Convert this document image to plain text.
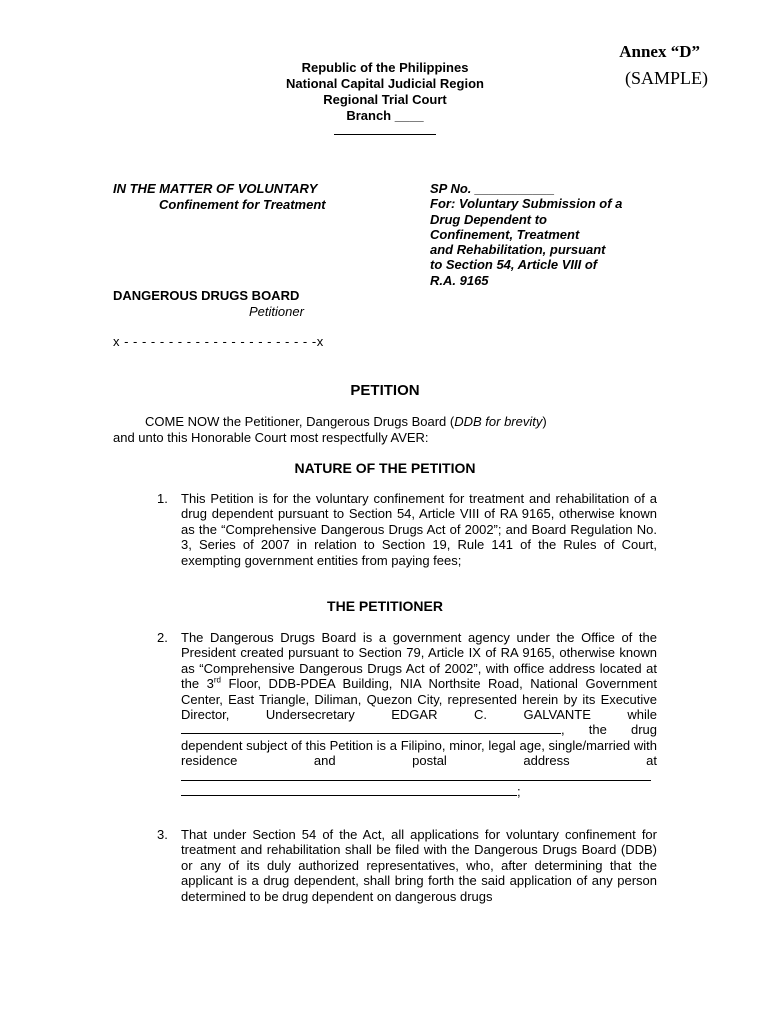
Annex “D”
(SAMPLE)
Republic of the Philippines
National Capital Judicial Region
Regional Trial Court
Branch ____
IN THE MATTER OF VOLUNTARY
Confinement for Treatment
SP No. ___________
For: Voluntary Submission of a
Drug Dependent to
Confinement, Treatment
and Rehabilitation, pursuant
to Section 54, Article VIII of
R.A. 9165
DANGEROUS DRUGS BOARD
Petitioner
x - - - - - - - - - - - - - - - - - - - - - -x
PETITION
COME NOW the Petitioner, Dangerous Drugs Board (DDB for brevity)
and unto this Honorable Court most respectfully AVER:
NATURE OF THE PETITION
1. This Petition is for the voluntary confinement for treatment and rehabilitation of a drug dependent pursuant to Section 54, Article VIII of RA 9165, otherwise known as the “Comprehensive Dangerous Drugs Act of 2002”; and Board Regulation No. 3, Series of 2007 in relation to Section 19, Rule 141 of the Rules of Court, exempting government entities from paying fees;
THE PETITIONER
2. The Dangerous Drugs Board is a government agency under the Office of the President created pursuant to Section 79, Article IX of RA 9165, otherwise known as “Comprehensive Dangerous Drugs Act of 2002”, with office address located at the 3rd Floor, DDB-PDEA Building, NIA Northsite Road, National Government Center, East Triangle, Diliman, Quezon City, represented herein by its Executive Director, Undersecretary EDGAR C. GALVANTE while , the drug dependent subject of this Petition is a Filipino, minor, legal age, single/married with residence and postal address at  ;
3. That under Section 54 of the Act, all applications for voluntary confinement for treatment and rehabilitation shall be filed with the Dangerous Drugs Board (DDB) or any of its duly authorized representatives, who, after determining that the applicant is a drug dependent, shall bring forth the said application of any person determined to be drug dependent on dangerous drugs
